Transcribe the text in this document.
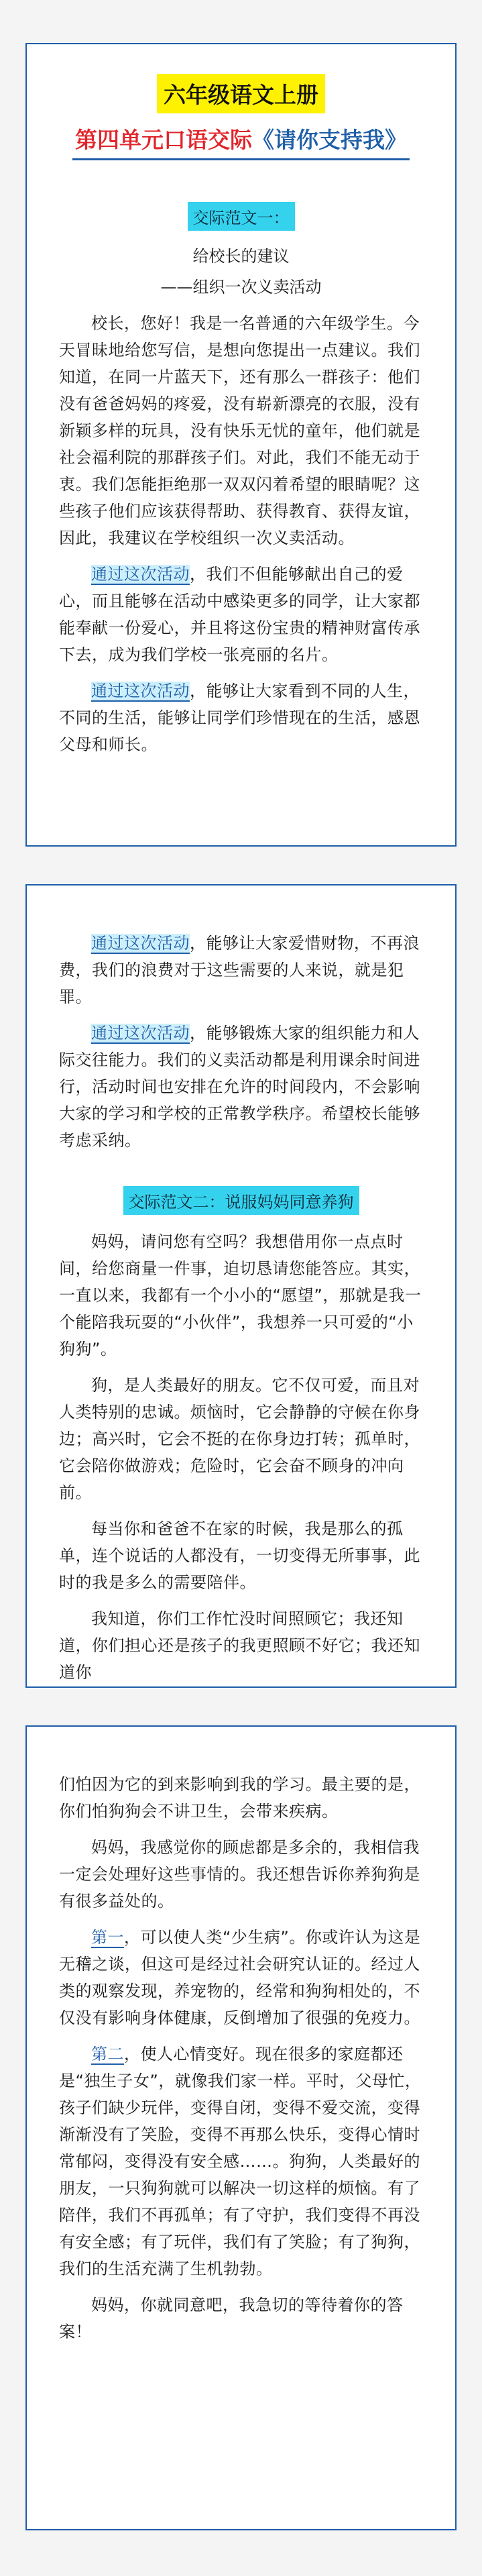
六年级语文上册
第四单元口语交际《请你支持我》
交际范文一：
给校长的建议
——组织一次义卖活动

校长，您好！我是一名普通的六年级学生。今天冒昧地给您写信，是想向您提出一点建议。我们知道，在同一片蓝天下，还有那么一群孩子：他们没有爸爸妈妈的疼爱，没有崭新漂亮的衣服，没有新颖多样的玩具，没有快乐无忧的童年，他们就是社会福利院的那群孩子们。对此，我们不能无动于衷。我们怎能拒绝那一双双闪着希望的眼睛呢？这些孩子他们应该获得帮助、获得教育、获得友谊，因此，我建议在学校组织一次义卖活动。

通过这次活动，我们不但能够献出自己的爱心，而且能够在活动中感染更多的同学，让大家都能奉献一份爱心，并且将这份宝贵的精神财富传承下去，成为我们学校一张亮丽的名片。

通过这次活动，能够让大家看到不同的人生，不同的生活，能够让同学们珍惜现在的生活，感恩父母和师长。

通过这次活动，能够让大家爱惜财物，不再浪费，我们的浪费对于这些需要的人来说，就是犯罪。

通过这次活动，能够锻炼大家的组织能力和人际交往能力。我们的义卖活动都是利用课余时间进行，活动时间也安排在允许的时间段内，不会影响大家的学习和学校的正常教学秩序。希望校长能够考虑采纳。

交际范文二：说服妈妈同意养狗

妈妈，请问您有空吗？我想借用你一点点时间，给您商量一件事，迫切恳请您能答应。其实，一直以来，我都有一个小小的“愿望”，那就是我一个能陪我玩耍的“小伙伴”，我想养一只可爱的“小狗狗”。

狗，是人类最好的朋友。它不仅可爱，而且对人类特别的忠诚。烦恼时，它会静静的守候在你身边；高兴时，它会不挺的在你身边打转；孤单时，它会陪你做游戏；危险时，它会奋不顾身的冲向前。

每当你和爸爸不在家的时候，我是那么的孤单，连个说话的人都没有，一切变得无所事事，此时的我是多么的需要陪伴。

我知道，你们工作忙没时间照顾它；我还知道，你们担心还是孩子的我更照顾不好它；我还知道你

们怕因为它的到来影响到我的学习。最主要的是，你们怕狗狗会不讲卫生，会带来疾病。

妈妈，我感觉你的顾虑都是多余的，我相信我一定会处理好这些事情的。我还想告诉你养狗狗是有很多益处的。

第一，可以使人类“少生病”。你或许认为这是无稽之谈，但这可是经过社会研究认证的。经过人类的观察发现，养宠物的，经常和狗狗相处的，不仅没有影响身体健康，反倒增加了很强的免疫力。

第二，使人心情变好。现在很多的家庭都还是“独生子女”，就像我们家一样。平时，父母忙，孩子们缺少玩伴，变得自闭，变得不爱交流，变得渐渐没有了笑脸，变得不再那么快乐，变得心情时常郁闷，变得没有安全感……。狗狗，人类最好的朋友，一只狗狗就可以解决一切这样的烦恼。有了陪伴，我们不再孤单；有了守护，我们变得不再没有安全感；有了玩伴，我们有了笑脸；有了狗狗，我们的生活充满了生机勃勃。

妈妈，你就同意吧，我急切的等待着你的答案！
